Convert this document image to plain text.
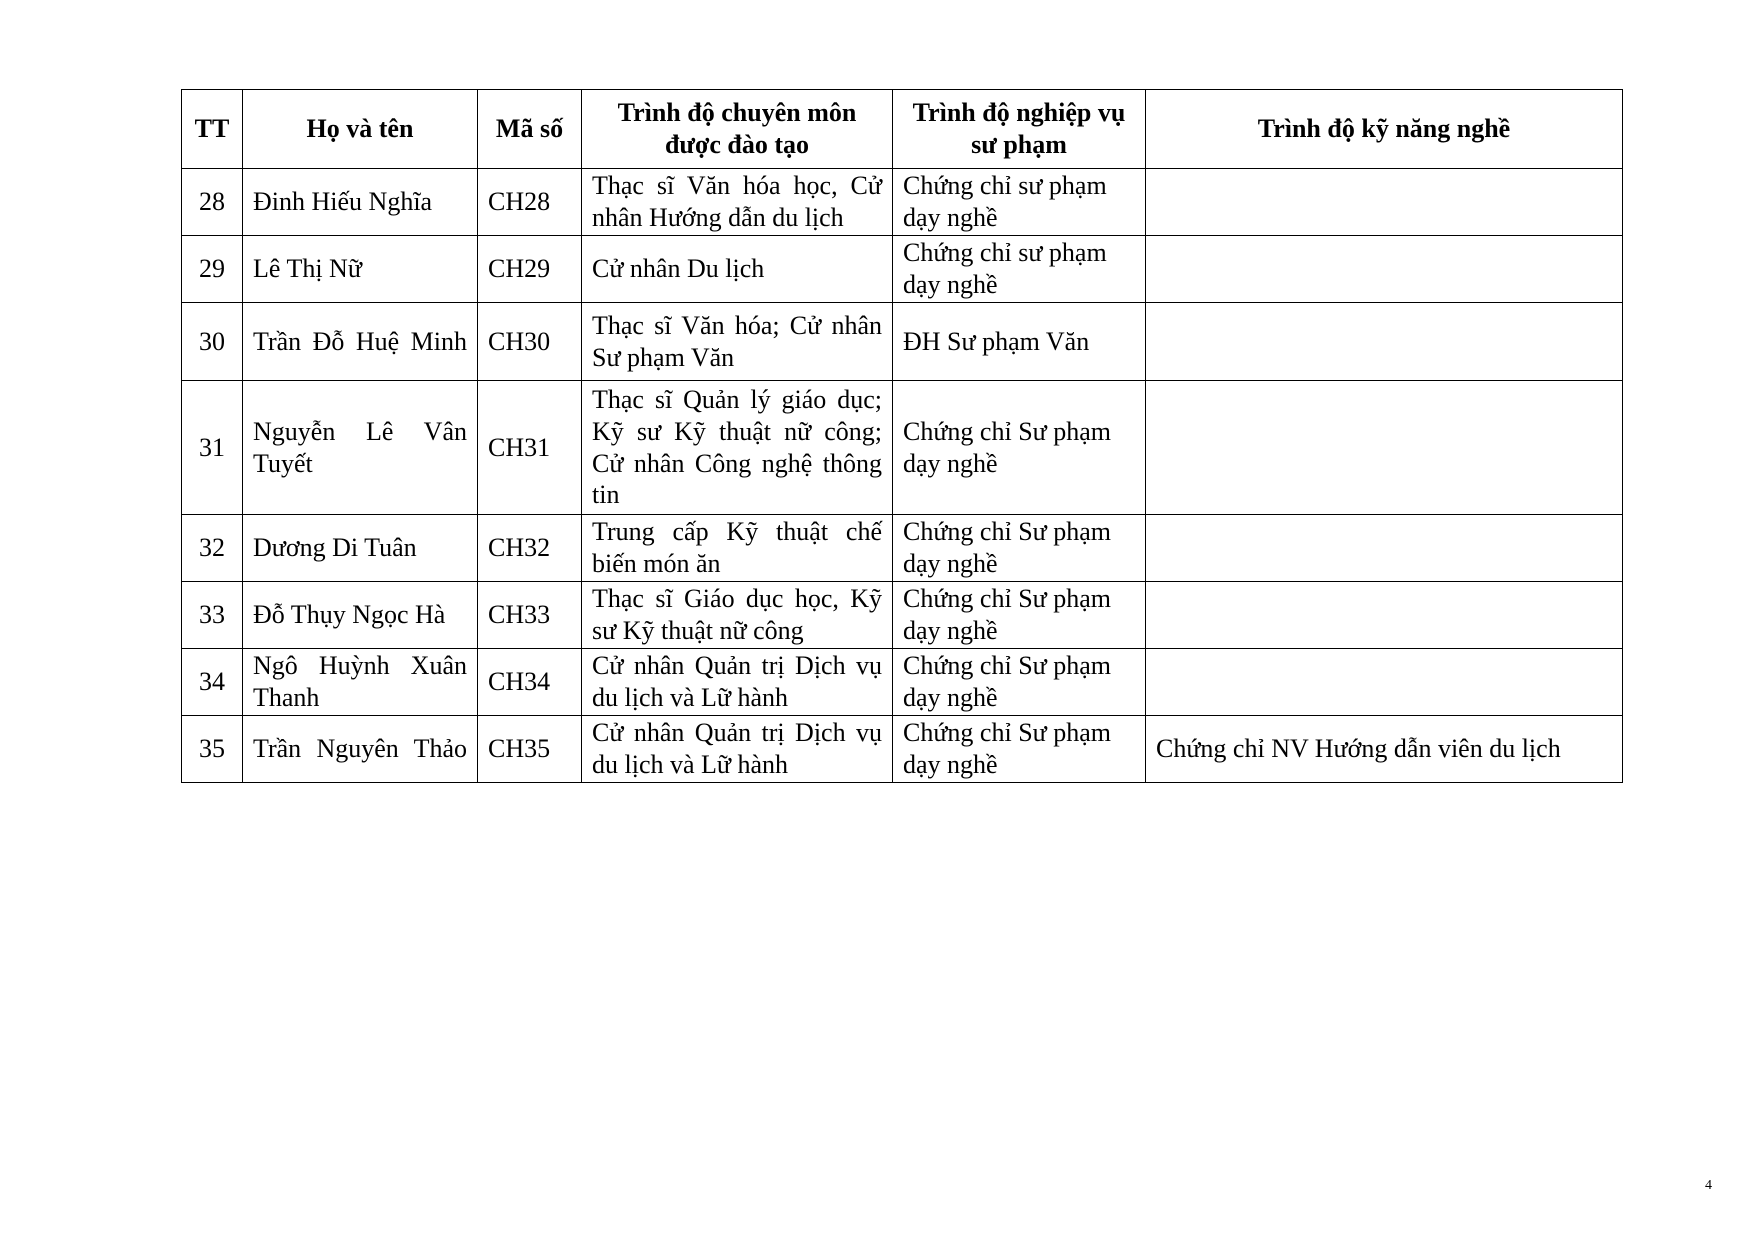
TT	Họ và tên	Mã số	Trình độ chuyên môn được đào tạo	Trình độ nghiệp vụ sư phạm	Trình độ kỹ năng nghề
28	Đinh Hiếu Nghĩa	CH28	Thạc sĩ Văn hóa học, Cử nhân Hướng dẫn du lịch	Chứng chỉ sư phạm dạy nghề	
29	Lê Thị Nữ	CH29	Cử nhân Du lịch	Chứng chỉ sư phạm dạy nghề	
30	Trần Đỗ Huệ Minh	CH30	Thạc sĩ Văn hóa; Cử nhân Sư phạm Văn	ĐH Sư phạm Văn	
31	Nguyễn Lê Vân Tuyết	CH31	Thạc sĩ Quản lý giáo dục; Kỹ sư Kỹ thuật nữ công; Cử nhân Công nghệ thông tin	Chứng chỉ Sư phạm dạy nghề	
32	Dương Di Tuân	CH32	Trung cấp Kỹ thuật chế biến món ăn	Chứng chỉ Sư phạm dạy nghề	
33	Đỗ Thụy Ngọc Hà	CH33	Thạc sĩ Giáo dục học, Kỹ sư Kỹ thuật nữ công	Chứng chỉ Sư phạm dạy nghề	
34	Ngô Huỳnh Xuân Thanh	CH34	Cử nhân Quản trị Dịch vụ du lịch và Lữ hành	Chứng chỉ Sư phạm dạy nghề	
35	Trần Nguyên Thảo	CH35	Cử nhân Quản trị Dịch vụ du lịch và Lữ hành	Chứng chỉ Sư phạm dạy nghề	Chứng chỉ NV Hướng dẫn viên du lịch
4
